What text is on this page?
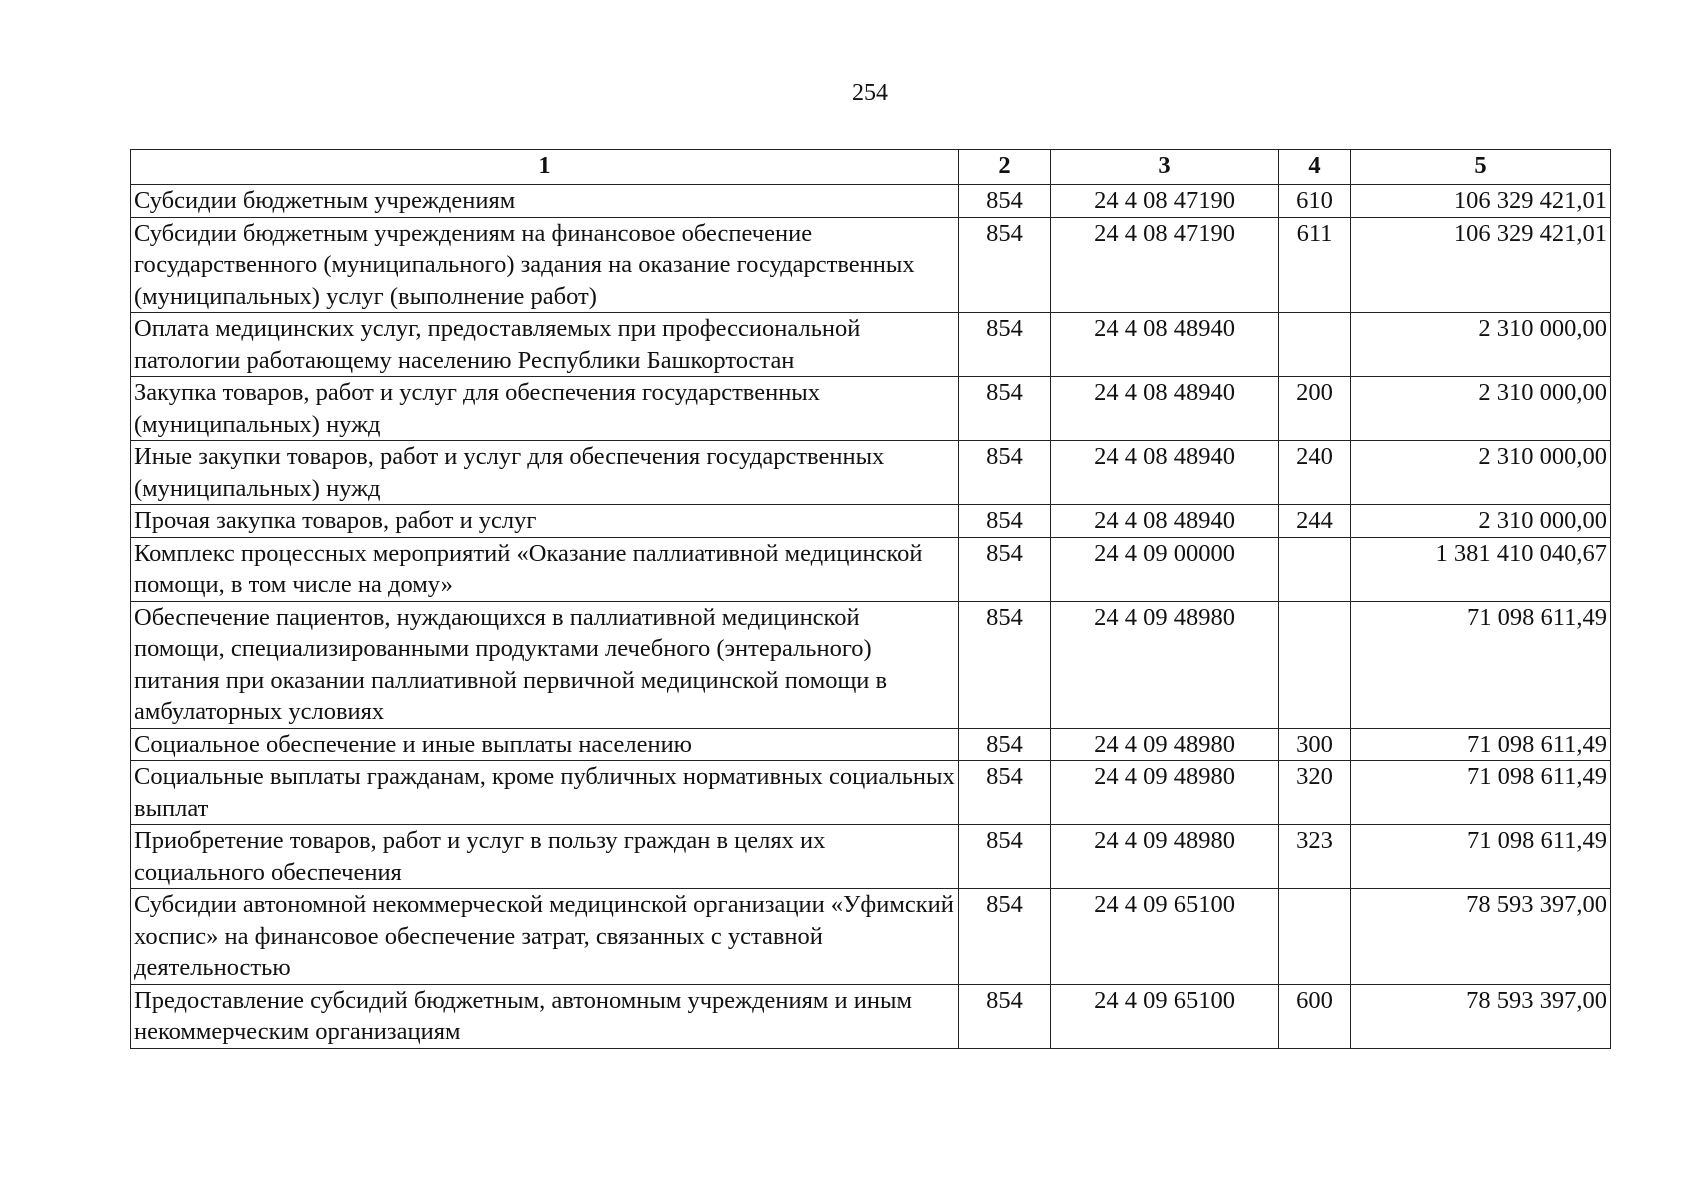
254
1	2	3	4	5
Субсидии бюджетным учреждениям	854	24 4 08 47190	610	106 329 421,01
Субсидии бюджетным учреждениям на финансовое обеспечение государственного (муниципального) задания на оказание государственных (муниципальных) услуг (выполнение работ)	854	24 4 08 47190	611	106 329 421,01
Оплата медицинских услуг, предоставляемых при профессиональной патологии работающему населению Республики Башкортостан	854	24 4 08 48940		2 310 000,00
Закупка товаров, работ и услуг для обеспечения государственных (муниципальных) нужд	854	24 4 08 48940	200	2 310 000,00
Иные закупки товаров, работ и услуг для обеспечения государственных (муниципальных) нужд	854	24 4 08 48940	240	2 310 000,00
Прочая закупка товаров, работ и услуг	854	24 4 08 48940	244	2 310 000,00
Комплекс процессных мероприятий «Оказание паллиативной медицинской помощи, в том числе на дому»	854	24 4 09 00000		1 381 410 040,67
Обеспечение пациентов, нуждающихся в паллиативной медицинской помощи, специализированными продуктами лечебного (энтерального) питания при оказании паллиативной первичной медицинской помощи в амбулаторных условиях	854	24 4 09 48980		71 098 611,49
Социальное обеспечение и иные выплаты населению	854	24 4 09 48980	300	71 098 611,49
Социальные выплаты гражданам, кроме публичных нормативных социальных выплат	854	24 4 09 48980	320	71 098 611,49
Приобретение товаров, работ и услуг в пользу граждан в целях их социального обеспечения	854	24 4 09 48980	323	71 098 611,49
Субсидии автономной некоммерческой медицинской организации «Уфимский хоспис» на финансовое обеспечение затрат, связанных с уставной деятельностью	854	24 4 09 65100		78 593 397,00
Предоставление субсидий бюджетным, автономным учреждениям и иным некоммерческим организациям	854	24 4 09 65100	600	78 593 397,00
